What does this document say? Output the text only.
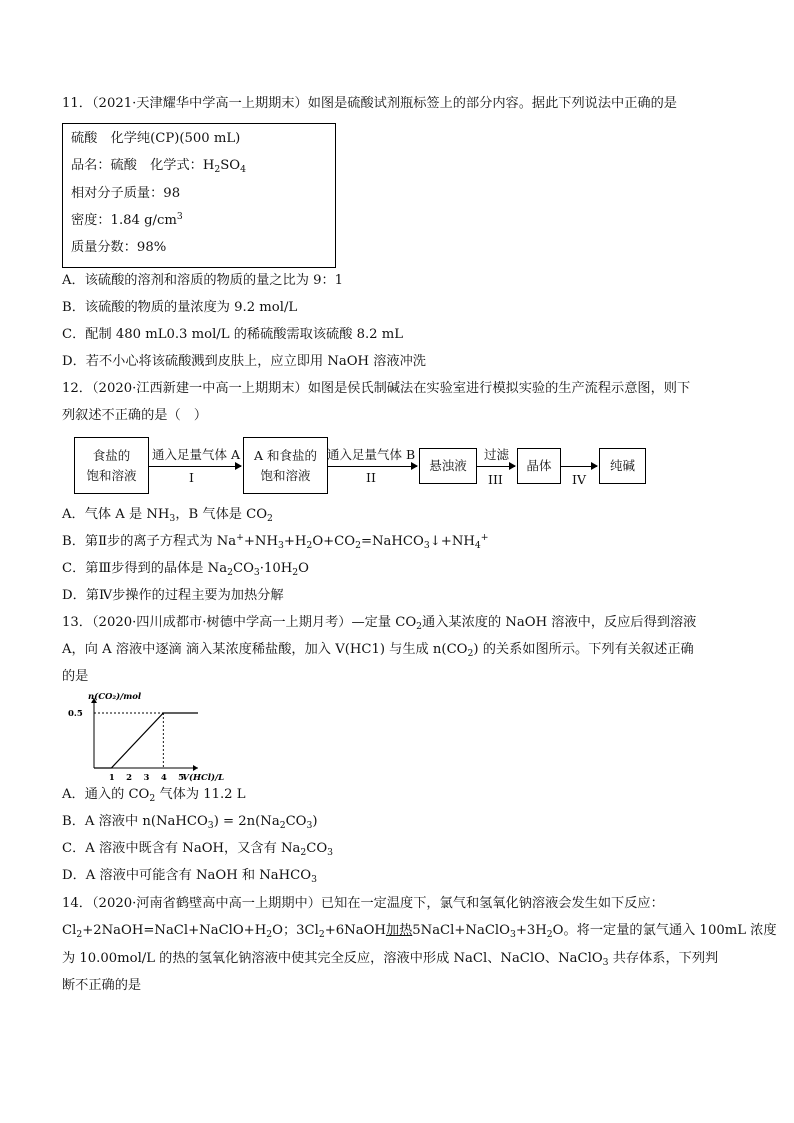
11．（2021·天津耀华中学高一上期期末）如图是硫酸试剂瓶标签上的部分内容。据此下列说法中正确的是
硫酸　化学纯(CP)(500 mL)
品名：硫酸　化学式：$H_2SO_4$
相对分子质量：98
密度：1.84 $g/cm^3$
质量分数：98%
A．该硫酸的溶剂和溶质的物质的量之比为 9：1
B．该硫酸的物质的量浓度为 9.2 mol/L
C．配制 480 mL0.3 mol/L 的稀硫酸需取该硫酸 8.2 mL
D．若不小心将该硫酸溅到皮肤上，应立即用 NaOH 溶液冲洗
12．（2020·江西新建一中高一上期期末）如图是侯氏制碱法在实验室进行模拟实验的生产流程示意图，则下
列叙述不正确的是（　）
食盐的
饱和溶液
通入足量气体 A
I
A 和食盐的
饱和溶液
通入足量气体 B
II
悬浊液
过滤
III
晶体
IV
纯碱
A．气体 A 是 $NH_3$，B 气体是 $CO_2$
B．第Ⅱ步的离子方程式为 $Na^++NH_3+H_2O+CO_2=NaHCO_3↓+NH_4^+$
C．第Ⅲ步得到的晶体是 $Na_2CO_3\cdot 10H_2O$
D．第Ⅳ步操作的过程主要为加热分解
13．（2020·四川成都市·树德中学高一上期月考）—定量 $CO_2$通入某浓度的 NaOH 溶液中，反应后得到溶液
A，向 A 溶液中逐滴 滴入某浓度稀盐酸，加入 V(HC1) 与生成 $n(CO_2)$ 的关系如图所示。下列有关叙述正确
的是
n(CO₂)/mol
V(HCl)/L
1 2 3 4 5
0.5
A．通入的 $CO_2$ 气体为 11.2 L
B．A 溶液中 n(NaHCO$_3$) = $2n(Na_2CO_3)$
C．A 溶液中既含有 NaOH，又含有 $Na_2CO_3$
D．A 溶液中可能含有 NaOH 和 NaHCO$_3$
14．（2020·河南省鹤壁高中高一上期期中）已知在一定温度下，氯气和氢氧化钠溶液会发生如下反应：
$Cl_2+2NaOH=NaCl+NaClO+H_2O$；$3Cl_2+6NaOH$加热$5NaCl+NaClO_3+3H_2O$。将一定量的氯气通入 100mL 浓度
为 10.00mol/L 的热的氢氧化钠溶液中使其完全反应，溶液中形成 NaCl、NaClO、NaClO$_3$ 共存体系，下列判
断不正确的是
